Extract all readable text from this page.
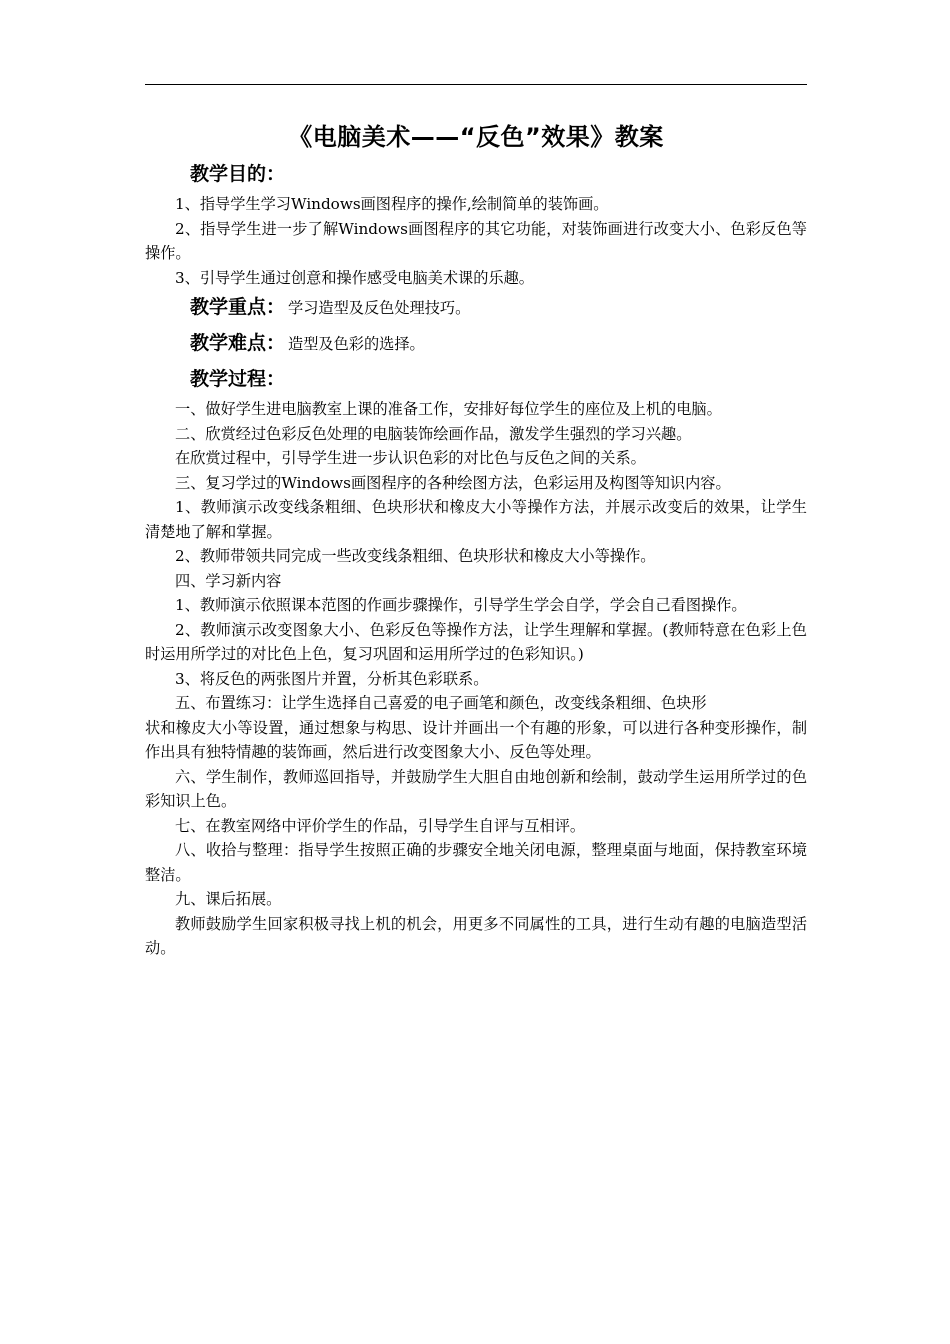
《电脑美术——“反色”效果》教案
教学目的：

1、指导学生学习Windows画图程序的操作,绘制简单的装饰画。

2、指导学生进一步了解Windows画图程序的其它功能，对装饰画进行改变大小、色彩反色等操作。

3、引导学生通过创意和操作感受电脑美术课的乐趣。

教学重点： 学习造型及反色处理技巧。
教学难点： 造型及色彩的选择。
教学过程：

一、做好学生进电脑教室上课的准备工作，安排好每位学生的座位及上机的电脑。

二、欣赏经过色彩反色处理的电脑装饰绘画作品，激发学生强烈的学习兴趣。

在欣赏过程中，引导学生进一步认识色彩的对比色与反色之间的关系。

三、复习学过的Windows画图程序的各种绘图方法，色彩运用及构图等知识内容。

1、教师演示改变线条粗细、色块形状和橡皮大小等操作方法，并展示改变后的效果，让学生清楚地了解和掌握。

2、教师带领共同完成一些改变线条粗细、色块形状和橡皮大小等操作。

四、学习新内容

1、教师演示依照课本范图的作画步骤操作，引导学生学会自学，学会自己看图操作。

2、教师演示改变图象大小、色彩反色等操作方法，让学生理解和掌握。(教师特意在色彩上色时运用所学过的对比色上色，复习巩固和运用所学过的色彩知识。)

3、将反色的两张图片并置，分析其色彩联系。

五、布置练习：让学生选择自己喜爱的电子画笔和颜色，改变线条粗细、色块形

状和橡皮大小等设置，通过想象与构思、设计并画出一个有趣的形象，可以进行各种变形操作，制作出具有独特情趣的装饰画，然后进行改变图象大小、反色等处理。

六、学生制作，教师巡回指导，并鼓励学生大胆自由地创新和绘制，鼓动学生运用所学过的色彩知识上色。

七、在教室网络中评价学生的作品，引导学生自评与互相评。

八、收拾与整理：指导学生按照正确的步骤安全地关闭电源，整理桌面与地面，保持教室环境整洁。

九、课后拓展。

教师鼓励学生回家积极寻找上机的机会，用更多不同属性的工具，进行生动有趣的电脑造型活动。
